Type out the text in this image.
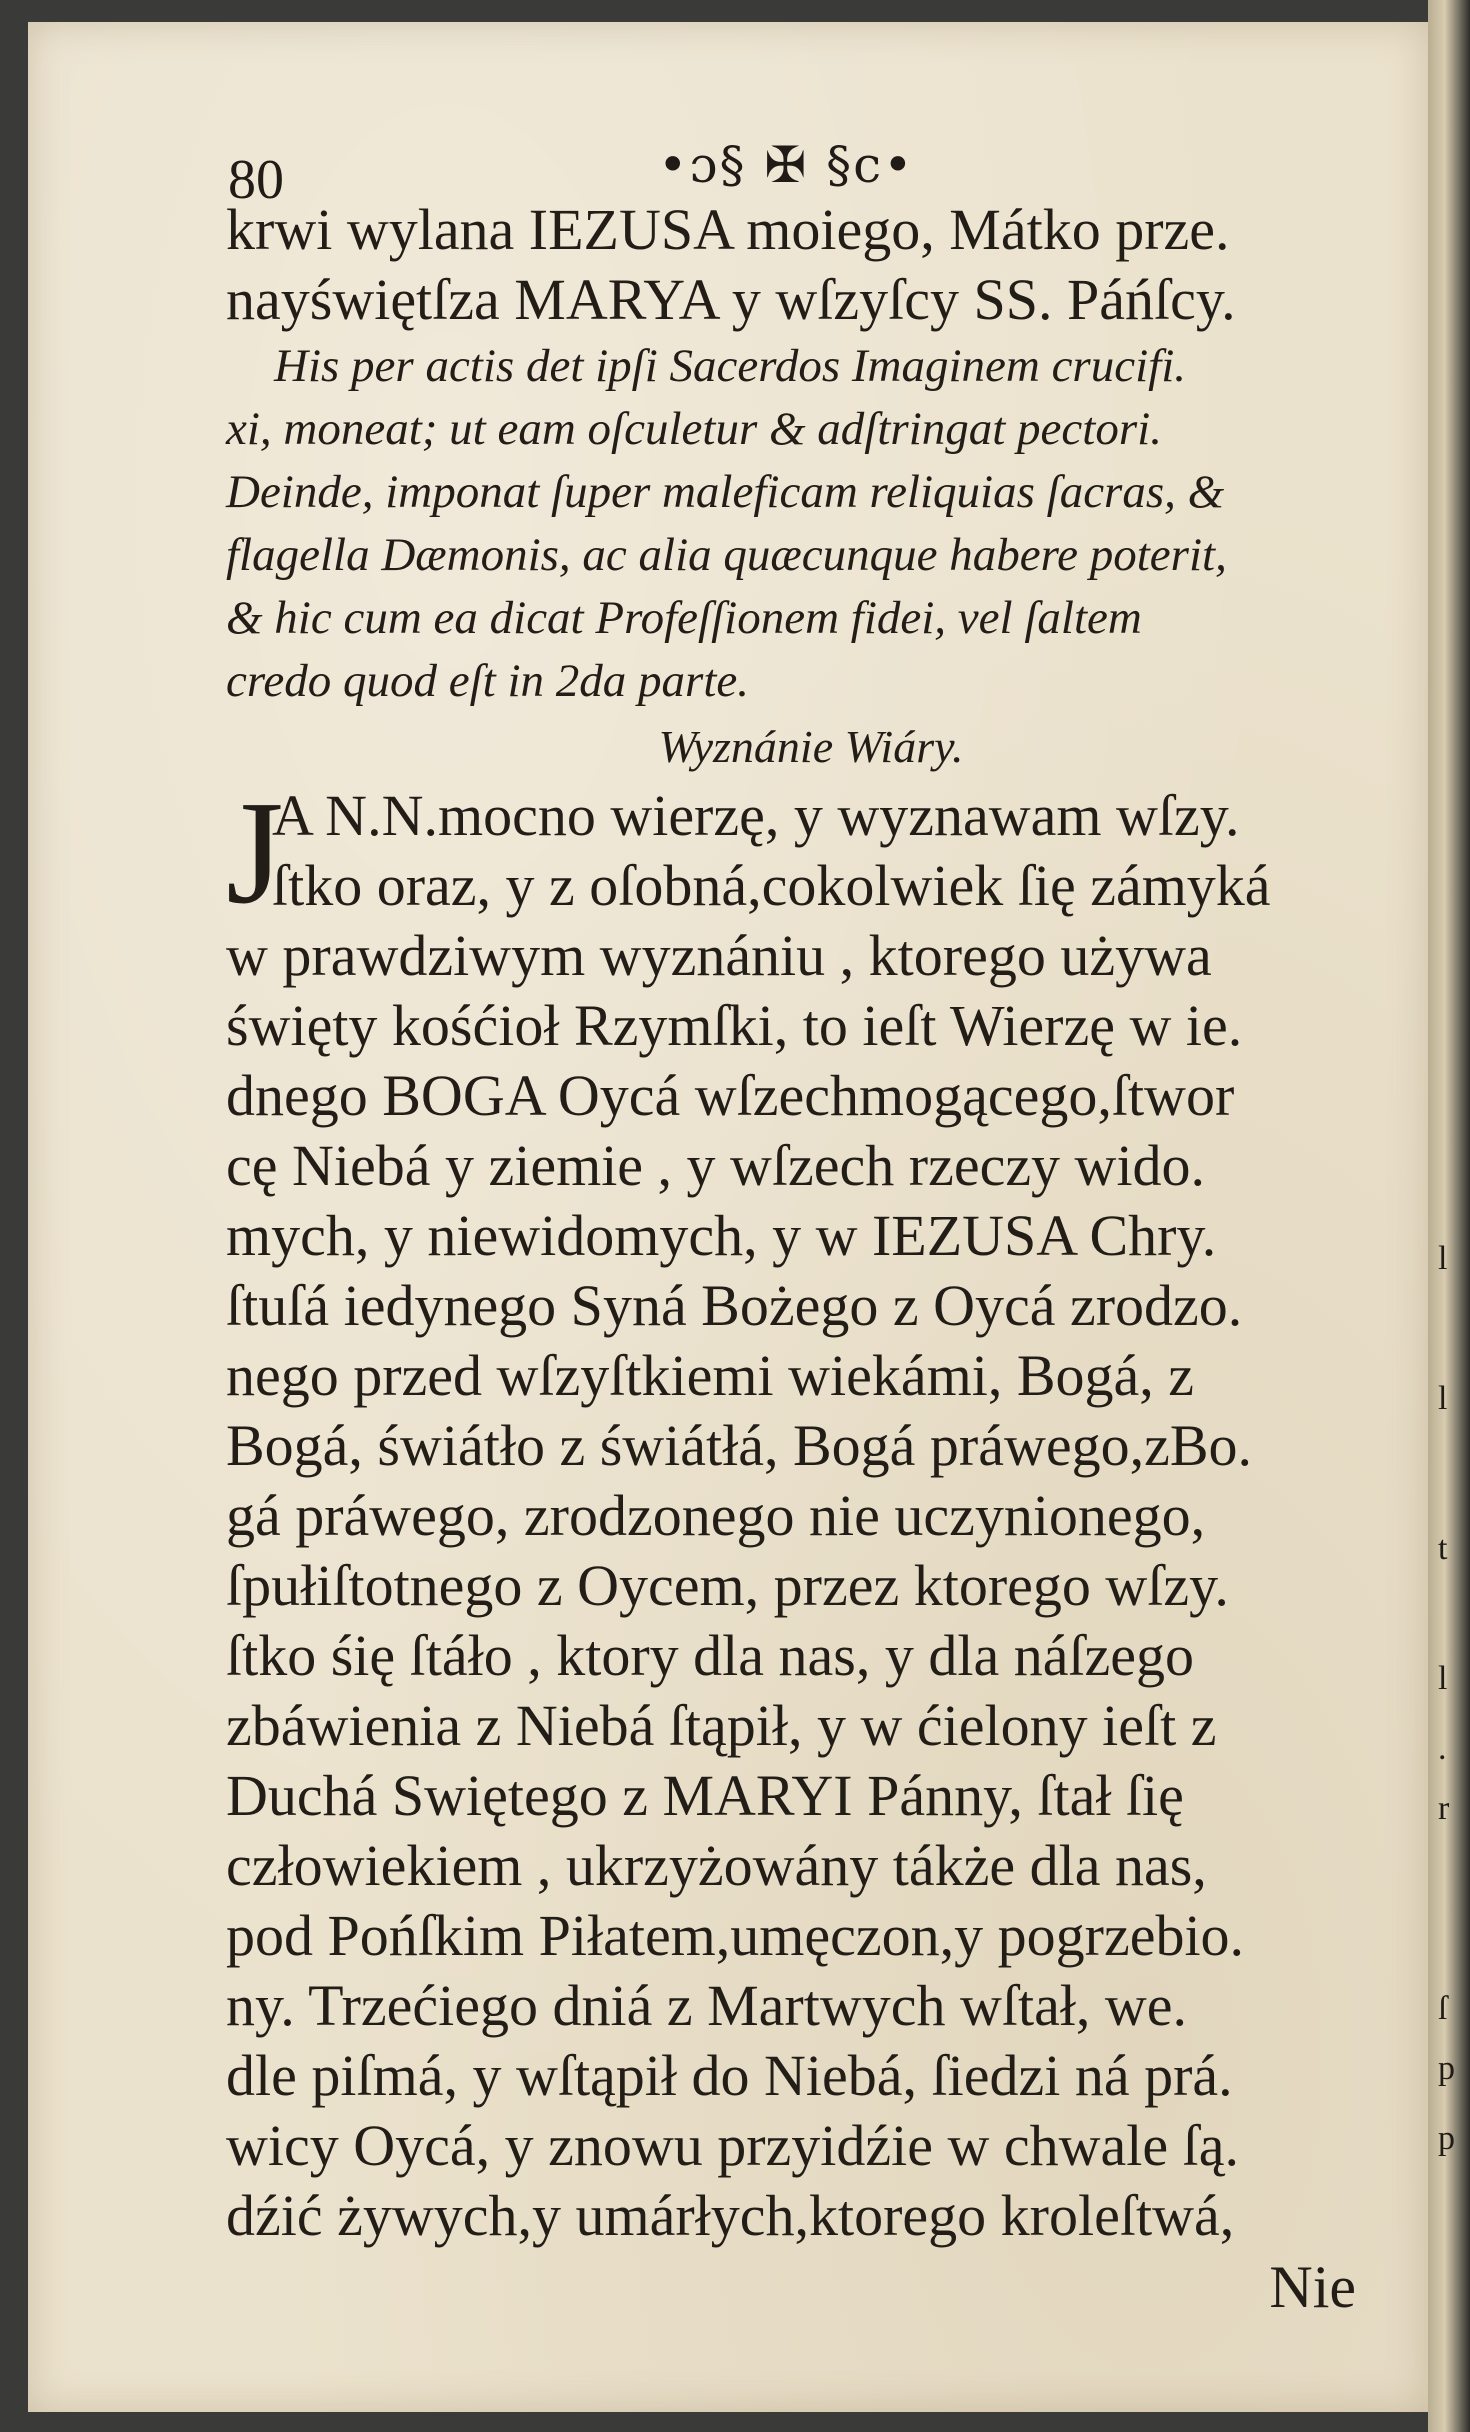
l
l
t
l
.
r
ſ
p
p
80	•ɔ§ ✠ §c•
krwi wylana IEZUSA moiego, Mátko prze.
nayświętſza MARYA y wſzyſcy SS. Páńſcy.
His per actis det ipſi Sacerdos Imaginem crucifi.
xi, moneat; ut eam oſculetur & adſtringat pectori.
Deinde, imponat ſuper maleficam reliquias ſacras, &
flagella Dæmonis, ac alia quæcunque habere poterit,
& hic cum ea dicat Profeſſionem fidei, vel ſaltem
credo quod eſt in 2da parte.
Wyznánie Wiáry.
J
A N.N.mocno wierzę, y wyznawam wſzy.
ſtko oraz, y z oſobná,cokolwiek ſię zámyká
w prawdziwym wyznániu , ktorego używa
święty kośćioł Rzymſki, to ieſt Wierzę w ie.
dnego BOGA Oycá wſzechmogącego,ſtwor
cę Niebá y ziemie , y wſzech rzeczy wido.
mych, y niewidomych, y w IEZUSA Chry.
ſtuſá iedynego Syná Bożego z Oycá zrodzo.
nego przed wſzyſtkiemi wiekámi, Bogá, z
Bogá, świátło z świátłá, Bogá práwego,zBo.
gá práwego, zrodzonego nie uczynionego,
ſpułiſtotnego z Oycem, przez ktorego wſzy.
ſtko śię ſtáło , ktory dla nas, y dla náſzego
zbáwienia z Niebá ſtąpił, y w ćielony ieſt z
Duchá Swiętego z MARYI Pánny, ſtał ſię
człowiekiem , ukrzyżowány tákże dla nas,
pod Pońſkim Piłatem,umęczon,y pogrzebio.
ny. Trzećiego dniá z Martwych wſtał, we.
dle piſmá, y wſtąpił do Niebá, ſiedzi ná prá.
wicy Oycá, y znowu przyidźie w chwale ſą.
dźić żywych,y umárłych,ktorego kroleſtwá,
Nie
